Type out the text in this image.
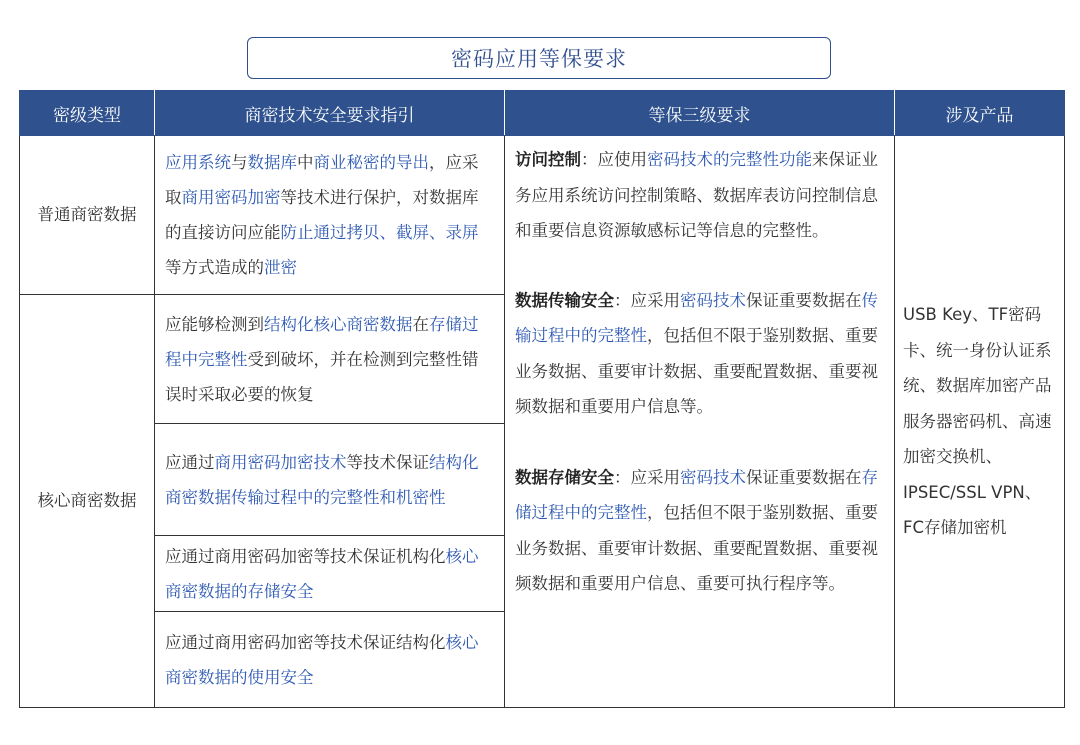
密码应用等保要求
密级类型	商密技术安全要求指引	等保三级要求	涉及产品
普通商密数据	应用系统与数据库中商业秘密的导出，应采取商用密码加密等技术进行保护，对数据库的直接访问应能防止通过拷贝、截屏、录屏等方式造成的泄密	访问控制：应使用密码技术的完整性功能来保证业务应用系统访问控制策略、数据库表访问控制信息和重要信息资源敏感标记等信息的完整性。

数据传输安全：应采用密码技术保证重要数据在传输过程中的完整性，包括但不限于鉴别数据、重要业务数据、重要审计数据、重要配置数据、重要视频数据和重要用户信息等。

数据存储安全：应采用密码技术保证重要数据在存储过程中的完整性，包括但不限于鉴别数据、重要业务数据、重要审计数据、重要配置数据、重要视频数据和重要用户信息、重要可执行程序等。	USB Key、TF密码卡、统一身份认证系统、数据库加密产品服务器密码机、高速加密交换机、IPSEC/SSL VPN、FC存储加密机
核心商密数据	应能够检测到结构化核心商密数据在存储过程中完整性受到破坏，并在检测到完整性错误时采取必要的恢复		
	应通过商用密码加密技术等技术保证结构化商密数据传输过程中的完整性和机密性		
	应通过商用密码加密等技术保证机构化核心商密数据的存储安全		
	应通过商用密码加密等技术保证结构化核心商密数据的使用安全		
